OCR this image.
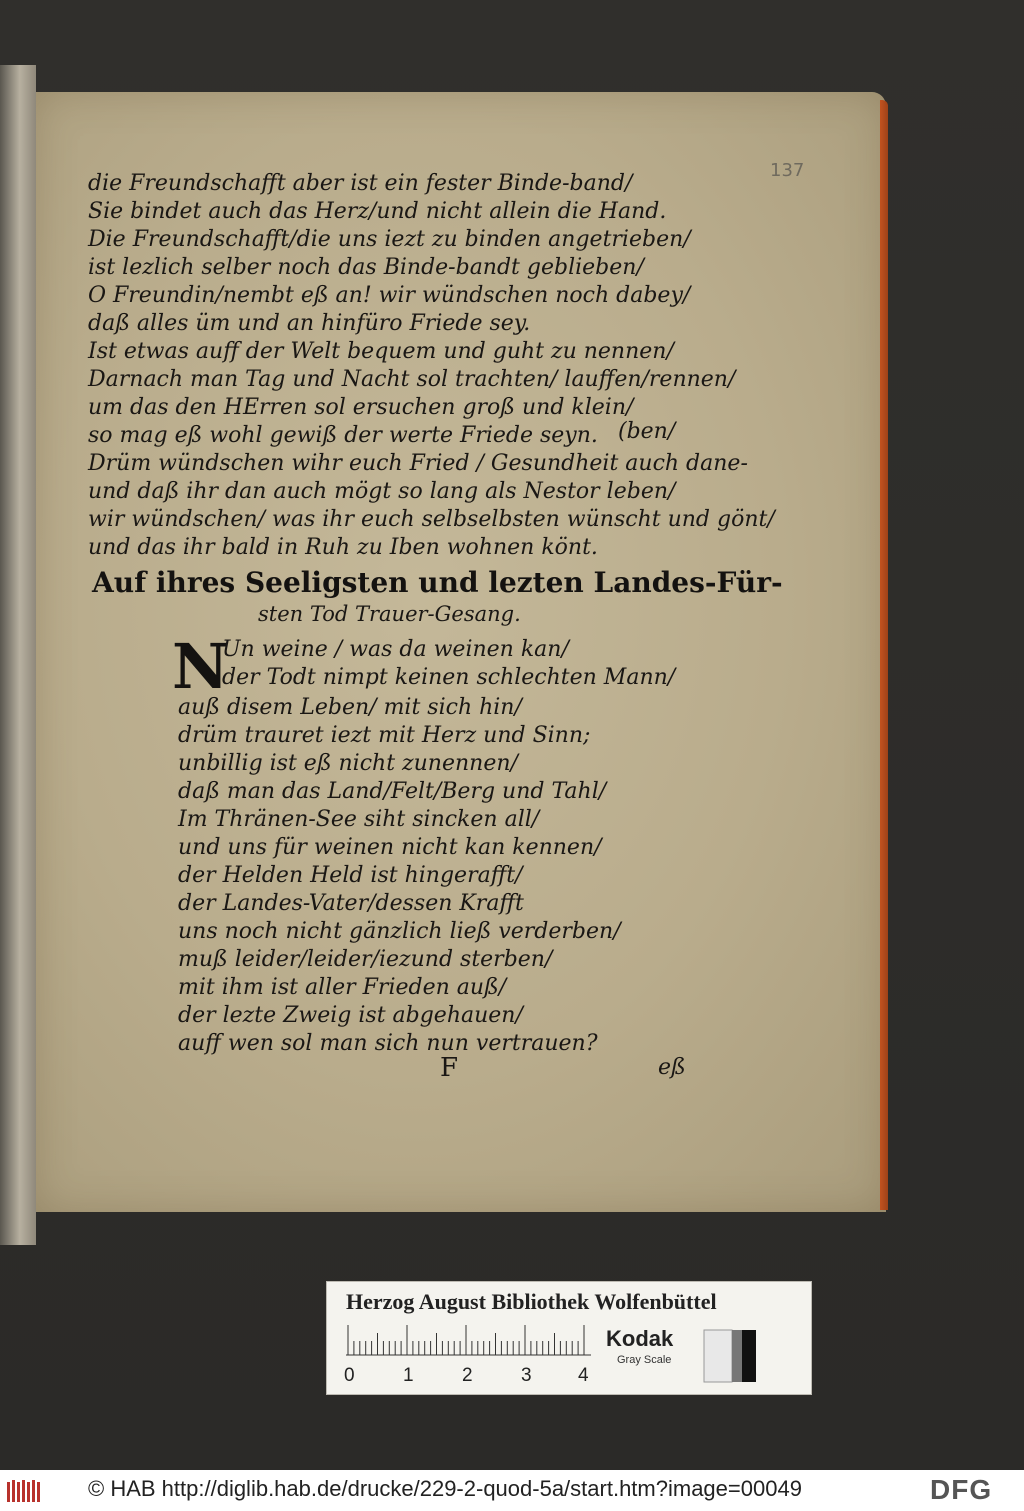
137
die Freundschafft aber ist ein fester Binde-band/
Sie bindet auch das Herz/und nicht allein die Hand.
Die Freundschafft/die uns iezt zu binden angetrieben/
ist lezlich selber noch das Binde-bandt geblieben/
O Freundin/nembt eß an! wir wündschen noch dabey/
daß alles üm und an hinfüro Friede sey.
Ist etwas auff der Welt bequem und guht zu nennen/
Darnach man Tag und Nacht sol trachten/ lauffen/rennen/
um das den HErren sol ersuchen groß und klein/
so mag eß wohl gewiß der werte Friede seyn. (ben/
Drüm wündschen wihr euch Fried / Gesundheit auch dane-
und daß ihr dan auch mögt so lang als Nestor leben/
wir wündschen/ was ihr euch selbselbsten wünscht und gönt/
und das ihr bald in Ruh zu Iben wohnen könt.
Auf ihres Seeligsten und lezten Landes-Für-
sten Tod Trauer-Gesang.
N
Un weine / was da weinen kan/
der Todt nimpt keinen schlechten Mann/
auß disem Leben/ mit sich hin/
drüm trauret iezt mit Herz und Sinn;
unbillig ist eß nicht zunennen/
daß man das Land/Felt/Berg und Tahl/
Im Thränen-See siht sincken all/
und uns für weinen nicht kan kennen/
der Helden Held ist hingerafft/
der Landes-Vater/dessen Krafft
uns noch nicht gänzlich ließ verderben/
muß leider/leider/iezund sterben/
mit ihm ist aller Frieden auß/
der lezte Zweig ist abgehauen/
auff wen sol man sich nun vertrauen?
F	eß
Herzog August Bibliothek Wolfenbüttel
0	1	2	3 4
Kodak
Gray Scale
© HAB http://diglib.hab.de/drucke/229-2-quod-5a/start.htm?image=00049	DFG
